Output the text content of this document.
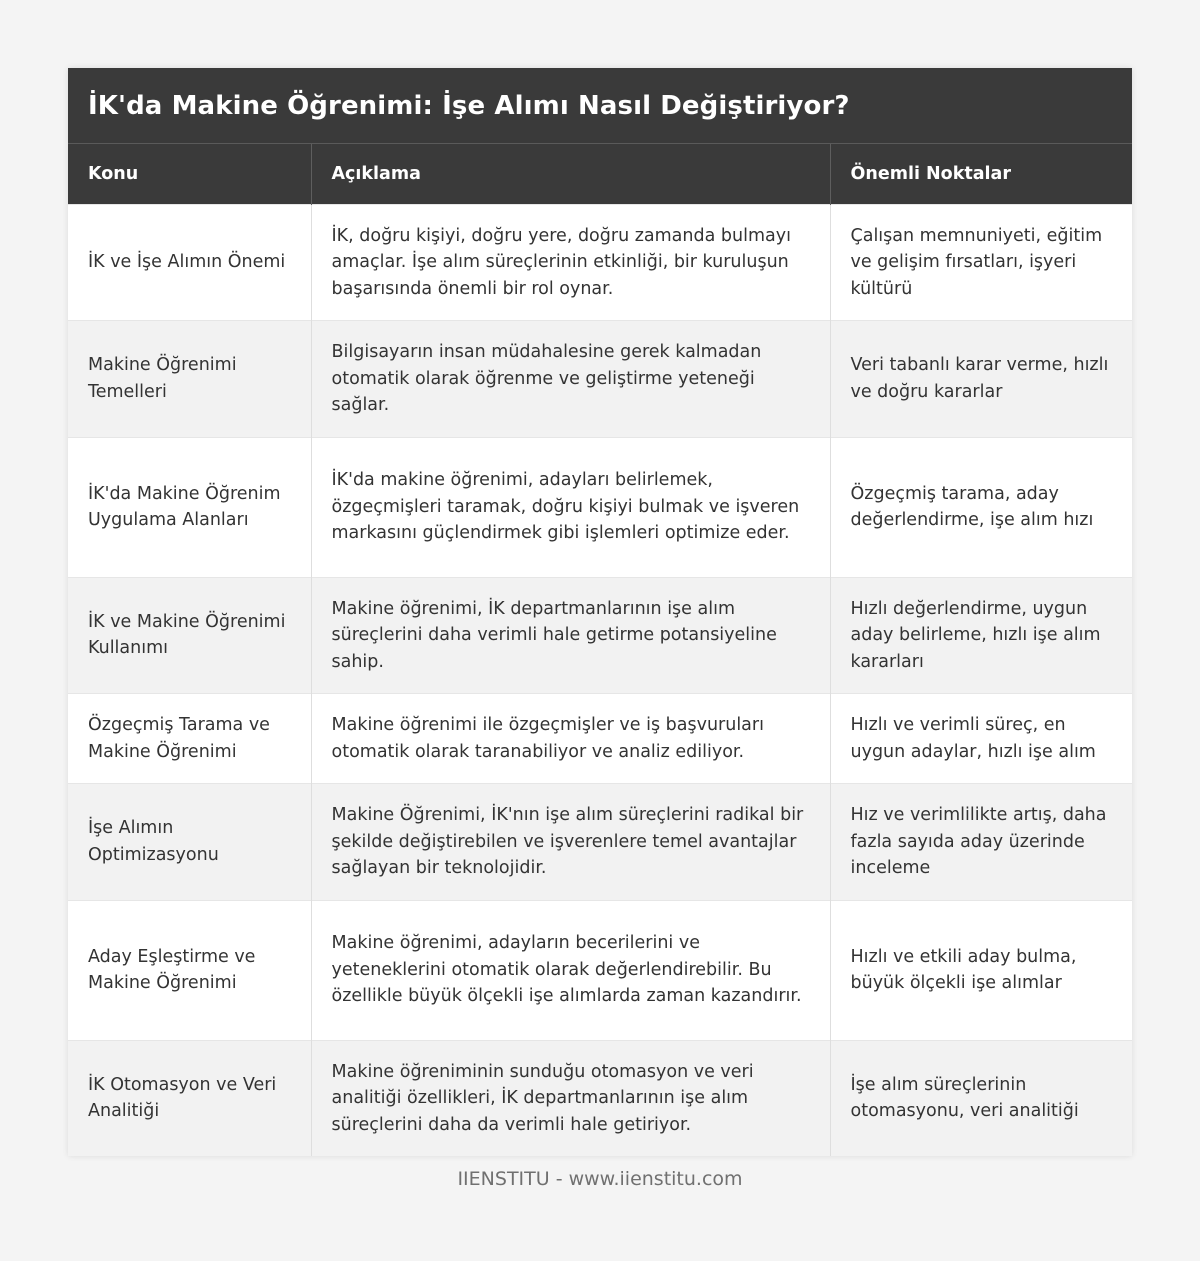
İK'da Makine Öğrenimi: İşe Alımı Nasıl Değiştiriyor?
Konu	Açıklama	Önemli Noktalar
İK ve İşe Alımın Önemi	İK, doğru kişiyi, doğru yere, doğru zamanda bulmayı amaçlar. İşe alım süreçlerinin etkinliği, bir kuruluşun başarısında önemli bir rol oynar.	Çalışan memnuniyeti, eğitim ve gelişim fırsatları, işyeri kültürü
Makine Öğrenimi Temelleri	Bilgisayarın insan müdahalesine gerek kalmadan otomatik olarak öğrenme ve geliştirme yeteneği sağlar.	Veri tabanlı karar verme, hızlı ve doğru kararlar
İK'da Makine Öğrenim Uygulama Alanları	İK'da makine öğrenimi, adayları belirlemek, özgeçmişleri taramak, doğru kişiyi bulmak ve işveren markasını güçlendirmek gibi işlemleri optimize eder.	Özgeçmiş tarama, aday değerlendirme, işe alım hızı
İK ve Makine Öğrenimi Kullanımı	Makine öğrenimi, İK departmanlarının işe alım süreçlerini daha verimli hale getirme potansiyeline sahip.	Hızlı değerlendirme, uygun aday belirleme, hızlı işe alım kararları
Özgeçmiş Tarama ve Makine Öğrenimi	Makine öğrenimi ile özgeçmişler ve iş başvuruları otomatik olarak taranabiliyor ve analiz ediliyor.	Hızlı ve verimli süreç, en uygun adaylar, hızlı işe alım
İşe Alımın Optimizasyonu	Makine Öğrenimi, İK'nın işe alım süreçlerini radikal bir şekilde değiştirebilen ve işverenlere temel avantajlar sağlayan bir teknolojidir.	Hız ve verimlilikte artış, daha fazla sayıda aday üzerinde inceleme
Aday Eşleştirme ve Makine Öğrenimi	Makine öğrenimi, adayların becerilerini ve yeteneklerini otomatik olarak değerlendirebilir. Bu özellikle büyük ölçekli işe alımlarda zaman kazandırır.	Hızlı ve etkili aday bulma, büyük ölçekli işe alımlar
İK Otomasyon ve Veri Analitiği	Makine öğreniminin sunduğu otomasyon ve veri analitiği özellikleri, İK departmanlarının işe alım süreçlerini daha da verimli hale getiriyor.	İşe alım süreçlerinin otomasyonu, veri analitiği
IIENSTITU - www.iienstitu.com
